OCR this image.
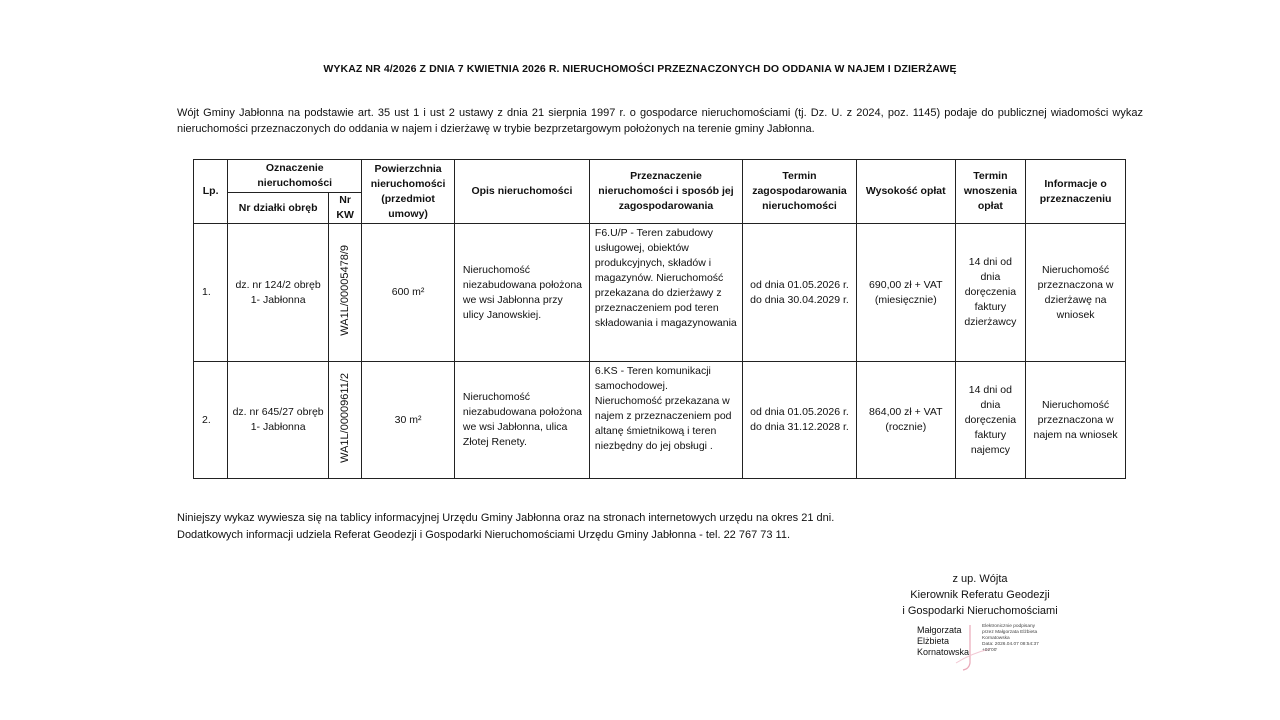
WYKAZ NR 4/2026 Z DNIA 7 KWIETNIA 2026 R. NIERUCHOMOŚCI PRZEZNACZONYCH DO ODDANIA W NAJEM I DZIERŻAWĘ
Wójt Gminy Jabłonna na podstawie art. 35 ust 1 i ust 2 ustawy z dnia 21 sierpnia 1997 r. o gospodarce nieruchomościami (tj. Dz. U. z 2024, poz. 1145) podaje do publicznej wiadomości wykaz nieruchomości przeznaczonych do oddania w najem i dzierżawę w trybie bezprzetargowym położonych na terenie gminy Jabłonna.
Lp.	Oznaczenie nieruchomości		Powierzchnia nieruchomości (przedmiot umowy)	Opis nieruchomości	Przeznaczenie nieruchomości i sposób jej zagospodarowania	Termin zagospodarowania nieruchomości	Wysokość opłat	Termin wnoszenia opłat	Informacje o przeznaczeniu
	Nr działki obręb	Nr KW							
1.	dz. nr 124/2 obręb 1- Jabłonna	WA1L/00005478/9	600 m²	Nieruchomość niezabudowana położona we wsi Jabłonna przy ulicy Janowskiej.	F6.U/P - Teren zabudowy usługowej, obiektów produkcyjnych, składów i magazynów. Nieruchomość przekazana do dzierżawy z przeznaczeniem pod teren składowania i magazynowania	od dnia 01.05.2026 r. do dnia 30.04.2029 r.	690,00 zł + VAT (miesięcznie)	14 dni od dnia doręczenia faktury dzierżawcy	Nieruchomość przeznaczona w dzierżawę na wniosek
2.	dz. nr 645/27 obręb 1- Jabłonna	WA1L/00009611/2	30 m²	Nieruchomość niezabudowana położona we wsi Jabłonna, ulica Złotej Renety.	6.KS - Teren komunikacji samochodowej. Nieruchomość przekazana w najem z przeznaczeniem pod altanę śmietnikową i teren niezbędny do jej obsługi .	od dnia 01.05.2026 r. do dnia 31.12.2028 r.	864,00 zł + VAT (rocznie)	14 dni od dnia doręczenia faktury najemcy	Nieruchomość przeznaczona w najem na wniosek
Niniejszy wykaz wywiesza się na tablicy informacyjnej Urzędu Gminy Jabłonna oraz na stronach internetowych urzędu na okres 21 dni.
Dodatkowych informacji udziela Referat Geodezji i Gospodarki Nieruchomościami Urzędu Gminy Jabłonna - tel. 22 767 73 11.
z up. Wójta
Kierownik Referatu Geodezji
i Gospodarki Nieruchomościami
Małgorzata
Elżbieta
Kornatowska
Elektronicznie podpisany
przez Małgorzata Elżbieta
Kornatowska
Data: 2026.04.07 08:54:37
+02'00'
